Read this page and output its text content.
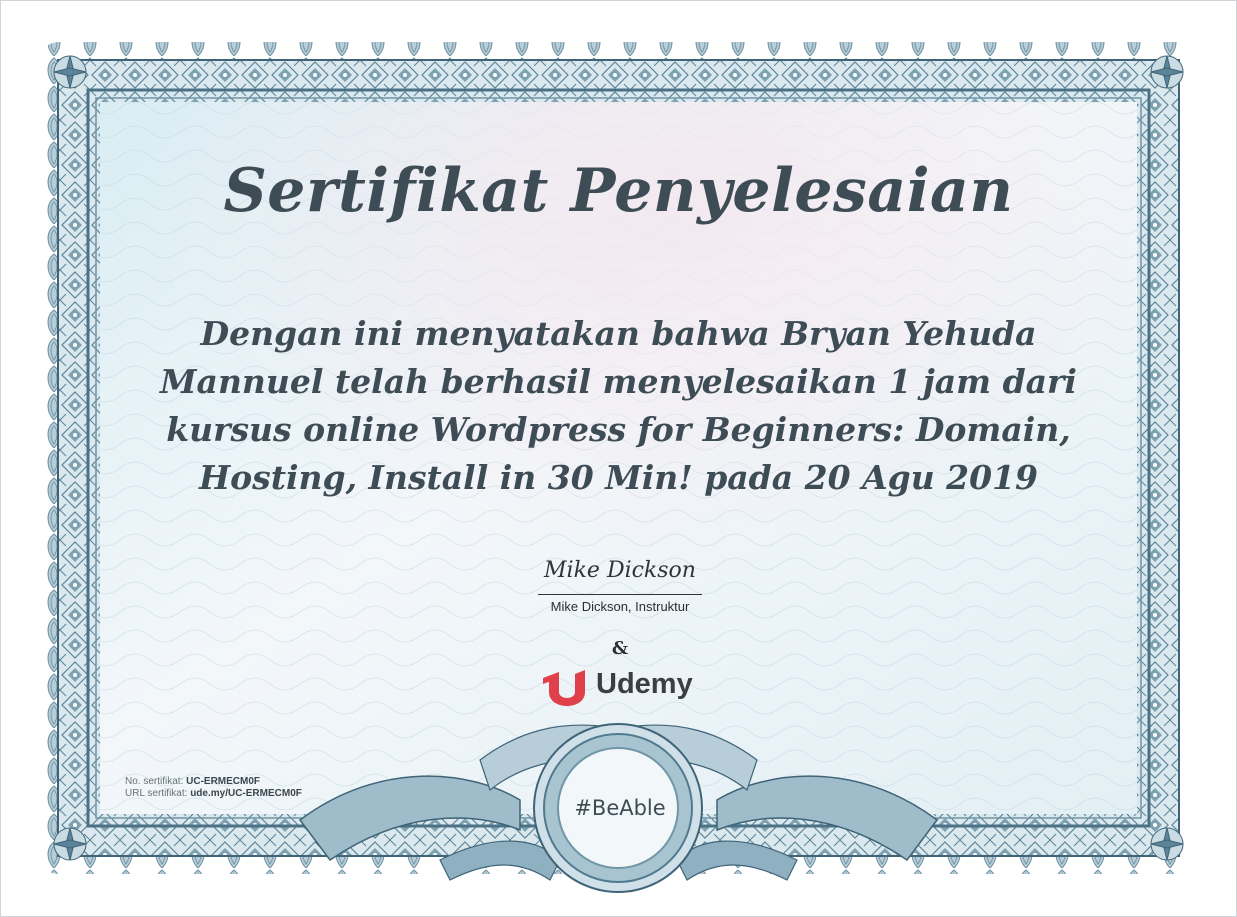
Sertifikat Penyelesaian
Dengan ini menyatakan bahwa Bryan Yehuda
Mannuel telah berhasil menyelesaikan 1 jam dari
kursus online Wordpress for Beginners: Domain,
Hosting, Install in 30 Min! pada 20 Agu 2019
Mike Dickson
Mike Dickson, Instruktur
&
Udemy
No. sertifikat: UC-ERMECM0F
URL sertifikat: ude.my/UC-ERMECM0F
#BeAble
